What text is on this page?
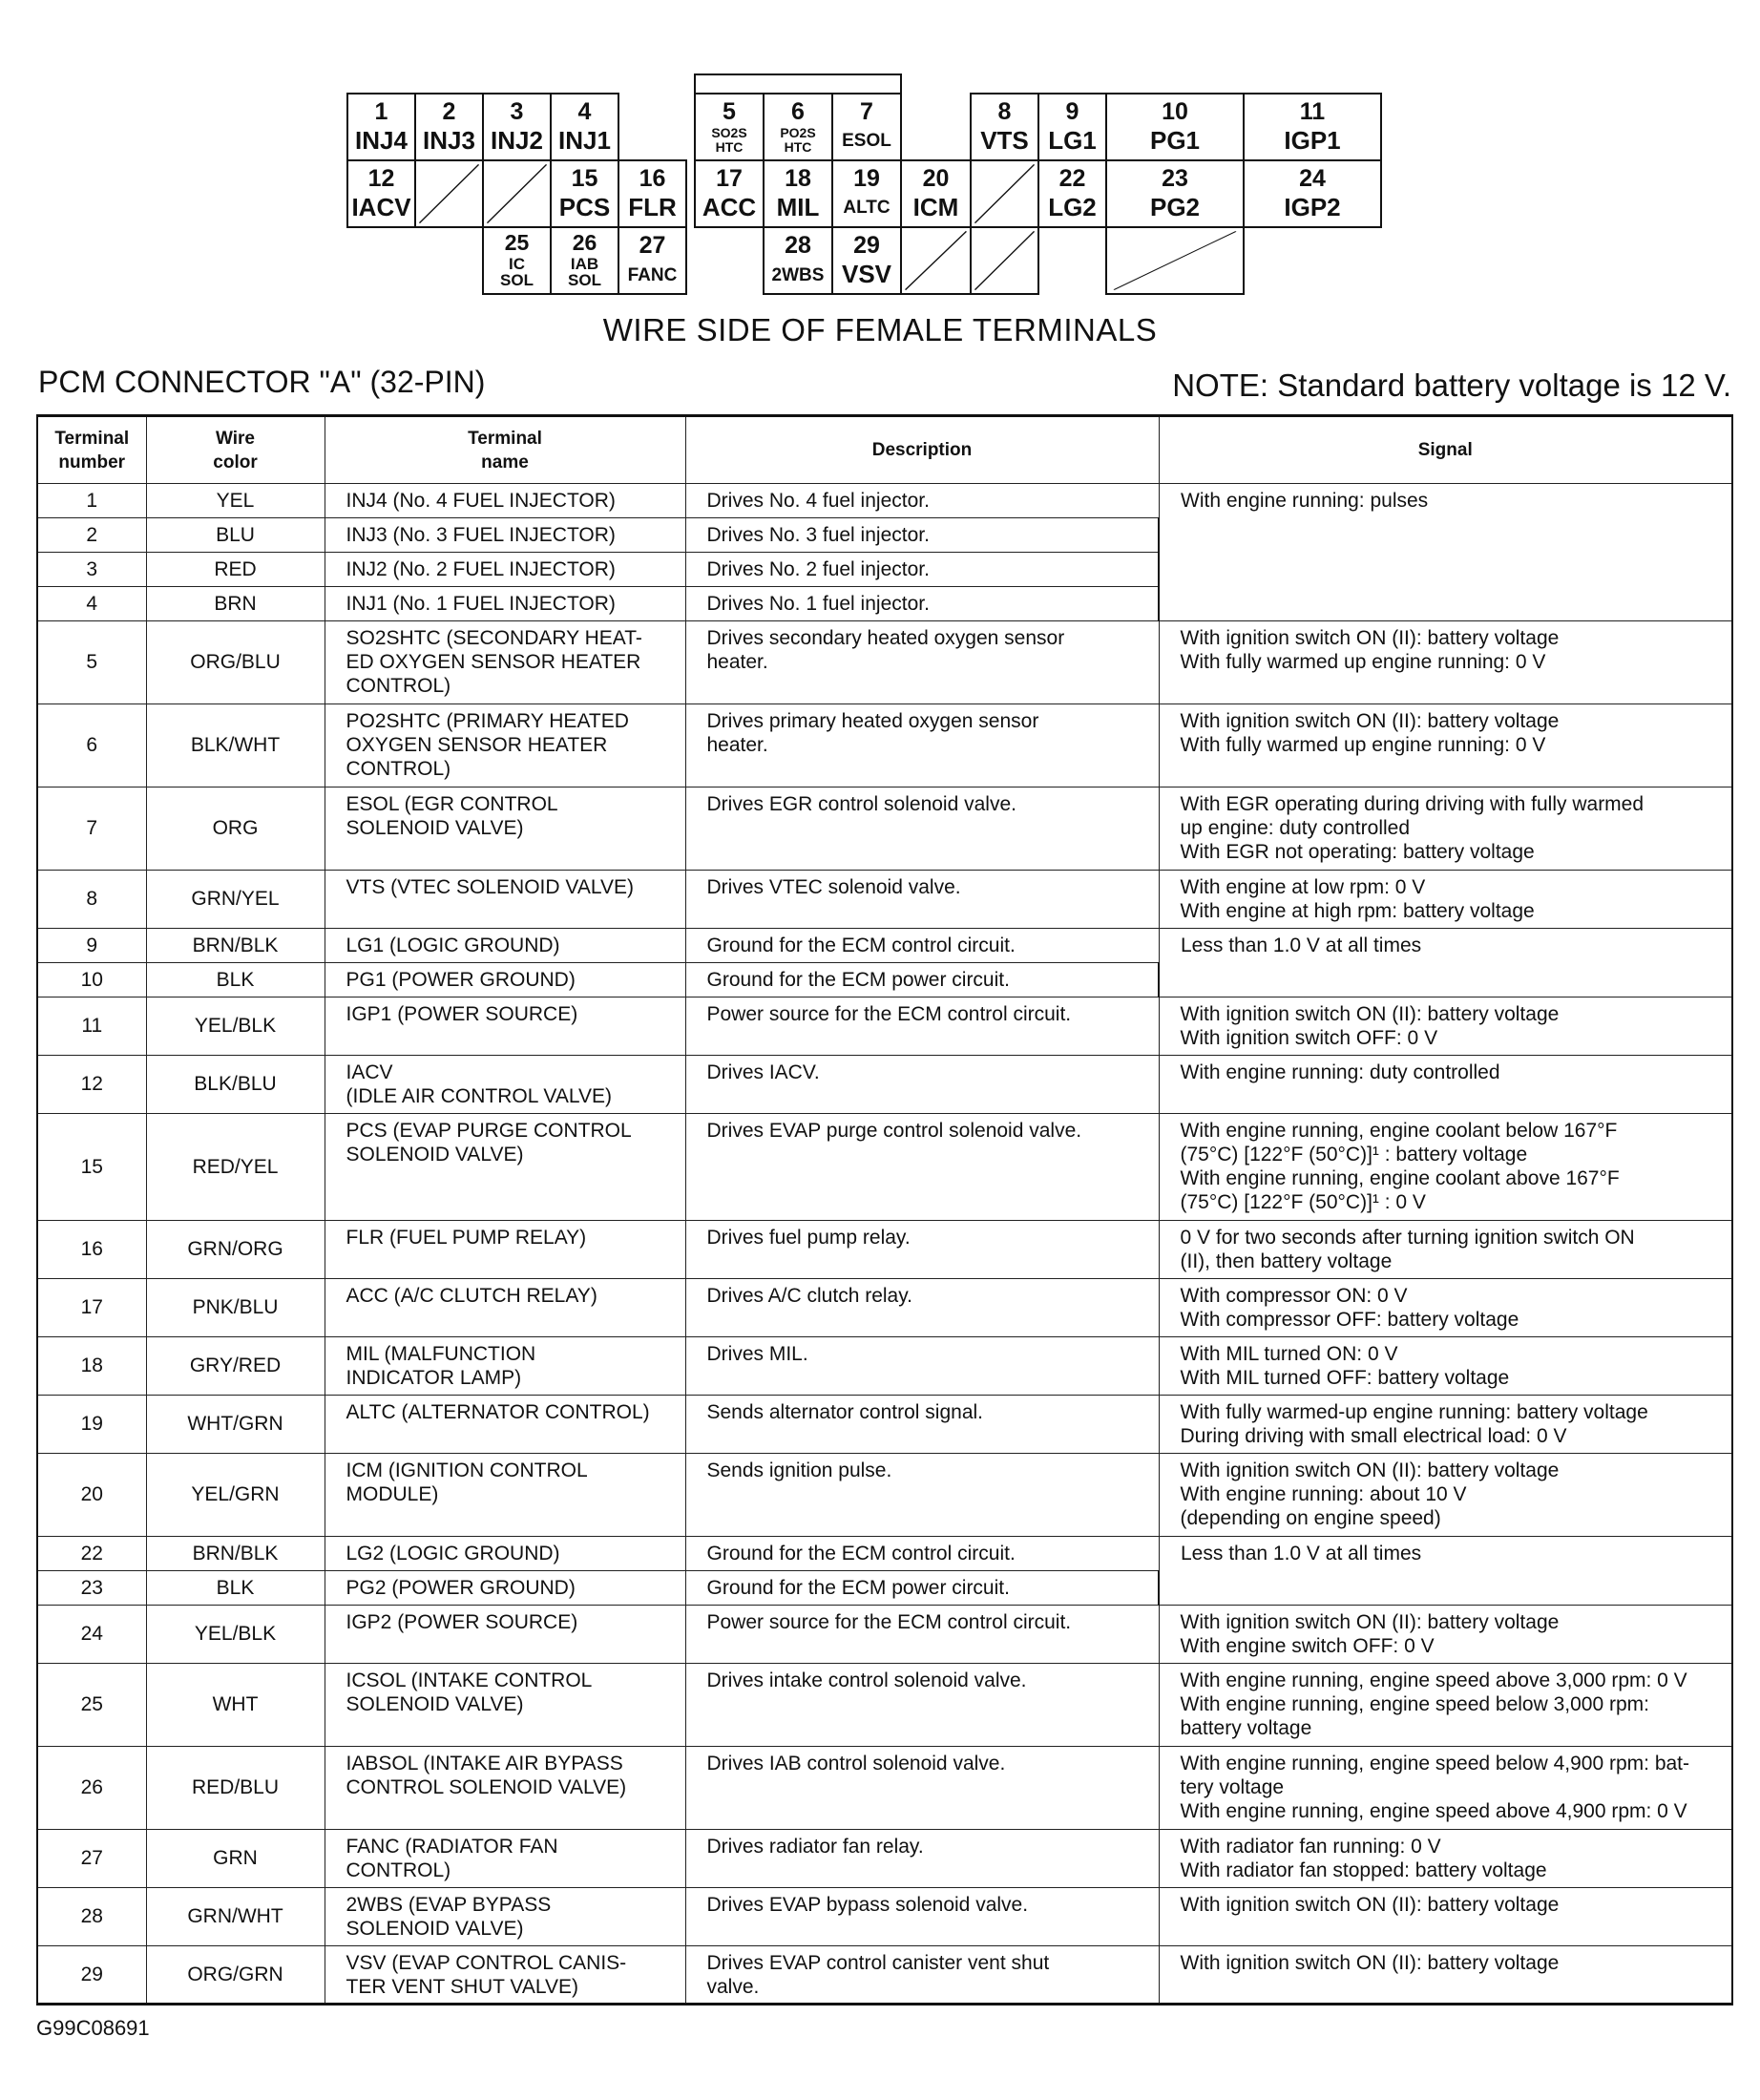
1
INJ4
2
INJ3
3
INJ2
4
INJ1
5
SO2S
HTC
6
PO2S
HTC
7
ESOL
8
VTS
9
LG1
10
PG1
11
IGP1
12
IACV
15
PCS
16
FLR
17
ACC
18
MIL
19
ALTC
20
ICM
22
LG2
23
PG2
24
IGP2
25
IC
SOL
26
IAB
SOL
27
FANC
28
2WBS
29
VSV
WIRE SIDE OF FEMALE TERMINALS
PCM CONNECTOR "A" (32-PIN)	NOTE: Standard battery voltage is 12 V.
Terminal
number	Wire
color	Terminal
name	Description	Signal
1	YEL	INJ4 (No. 4 FUEL INJECTOR)	Drives No. 4 fuel injector.	With engine running: pulses
2	BLU	INJ3 (No. 3 FUEL INJECTOR)	Drives No. 3 fuel injector.	
3	RED	INJ2 (No. 2 FUEL INJECTOR)	Drives No. 2 fuel injector.	
4	BRN	INJ1 (No. 1 FUEL INJECTOR)	Drives No. 1 fuel injector.	
5	ORG/BLU	SO2SHTC (SECONDARY HEAT-
ED OXYGEN SENSOR HEATER
CONTROL)	Drives secondary heated oxygen sensor
heater.	With ignition switch ON (II): battery voltage
With fully warmed up engine running: 0 V
6	BLK/WHT	PO2SHTC (PRIMARY HEATED
OXYGEN SENSOR HEATER
CONTROL)	Drives primary heated oxygen sensor
heater.	With ignition switch ON (II): battery voltage
With fully warmed up engine running: 0 V
7	ORG	ESOL (EGR CONTROL
SOLENOID VALVE)	Drives EGR control solenoid valve.	With EGR operating during driving with fully warmed
up engine: duty controlled
With EGR not operating: battery voltage
8	GRN/YEL	VTS (VTEC SOLENOID VALVE)	Drives VTEC solenoid valve.	With engine at low rpm: 0 V
With engine at high rpm: battery voltage
9	BRN/BLK	LG1 (LOGIC GROUND)	Ground for the ECM control circuit.	Less than 1.0 V at all times
10	BLK	PG1 (POWER GROUND)	Ground for the ECM power circuit.	
11	YEL/BLK	IGP1 (POWER SOURCE)	Power source for the ECM control circuit.	With ignition switch ON (II): battery voltage
With ignition switch OFF: 0 V
12	BLK/BLU	IACV
(IDLE AIR CONTROL VALVE)	Drives IACV.	With engine running: duty controlled
15	RED/YEL	PCS (EVAP PURGE CONTROL
SOLENOID VALVE)	Drives EVAP purge control solenoid valve.	With engine running, engine coolant below 167°F
(75°C) [122°F (50°C)]¹ : battery voltage
With engine running, engine coolant above 167°F
(75°C) [122°F (50°C)]¹ : 0 V
16	GRN/ORG	FLR (FUEL PUMP RELAY)	Drives fuel pump relay.	0 V for two seconds after turning ignition switch ON
(II), then battery voltage
17	PNK/BLU	ACC (A/C CLUTCH RELAY)	Drives A/C clutch relay.	With compressor ON: 0 V
With compressor OFF: battery voltage
18	GRY/RED	MIL (MALFUNCTION
INDICATOR LAMP)	Drives MIL.	With MIL turned ON: 0 V
With MIL turned OFF: battery voltage
19	WHT/GRN	ALTC (ALTERNATOR CONTROL)	Sends alternator control signal.	With fully warmed-up engine running: battery voltage
During driving with small electrical load: 0 V
20	YEL/GRN	ICM (IGNITION CONTROL
MODULE)	Sends ignition pulse.	With ignition switch ON (II): battery voltage
With engine running: about 10 V
(depending on engine speed)
22	BRN/BLK	LG2 (LOGIC GROUND)	Ground for the ECM control circuit.	Less than 1.0 V at all times
23	BLK	PG2 (POWER GROUND)	Ground for the ECM power circuit.	
24	YEL/BLK	IGP2 (POWER SOURCE)	Power source for the ECM control circuit.	With ignition switch ON (II): battery voltage
With engine switch OFF: 0 V
25	WHT	ICSOL (INTAKE CONTROL
SOLENOID VALVE)	Drives intake control solenoid valve.	With engine running, engine speed above 3,000 rpm: 0 V
With engine running, engine speed below 3,000 rpm:
battery voltage
26	RED/BLU	IABSOL (INTAKE AIR BYPASS
CONTROL SOLENOID VALVE)	Drives IAB control solenoid valve.	With engine running, engine speed below 4,900 rpm: bat-
tery voltage
With engine running, engine speed above 4,900 rpm: 0 V
27	GRN	FANC (RADIATOR FAN
CONTROL)	Drives radiator fan relay.	With radiator fan running: 0 V
With radiator fan stopped: battery voltage
28	GRN/WHT	2WBS (EVAP BYPASS
SOLENOID VALVE)	Drives EVAP bypass solenoid valve.	With ignition switch ON (II): battery voltage
29	ORG/GRN	VSV (EVAP CONTROL CANIS-
TER VENT SHUT VALVE)	Drives EVAP control canister vent shut
valve.	With ignition switch ON (II): battery voltage
G99C08691
